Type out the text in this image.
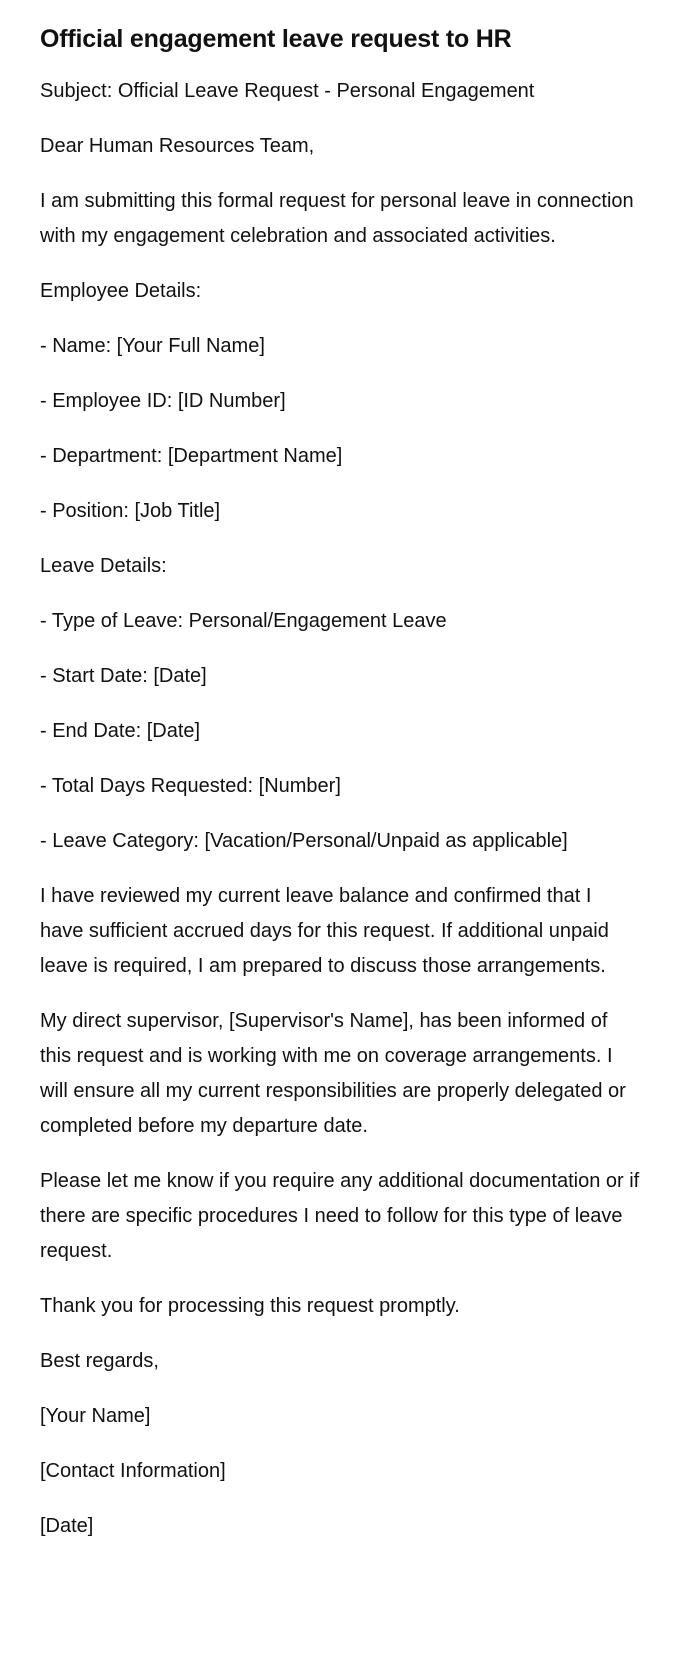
Official engagement leave request to HR

Subject: Official Leave Request - Personal Engagement

Dear Human Resources Team,

I am submitting this formal request for personal leave in connection with my engagement celebration and associated activities.

Employee Details:

- Name: [Your Full Name]

- Employee ID: [ID Number]

- Department: [Department Name]

- Position: [Job Title]

Leave Details:

- Type of Leave: Personal/Engagement Leave

- Start Date: [Date]

- End Date: [Date]

- Total Days Requested: [Number]

- Leave Category: [Vacation/Personal/Unpaid as applicable]

I have reviewed my current leave balance and confirmed that I have sufficient accrued days for this request. If additional unpaid leave is required, I am prepared to discuss those arrangements.

My direct supervisor, [Supervisor's Name], has been informed of this request and is working with me on coverage arrangements. I will ensure all my current responsibilities are properly delegated or completed before my departure date.

Please let me know if you require any additional documentation or if there are specific procedures I need to follow for this type of leave request.

Thank you for processing this request promptly.

Best regards,

[Your Name]

[Contact Information]

[Date]
